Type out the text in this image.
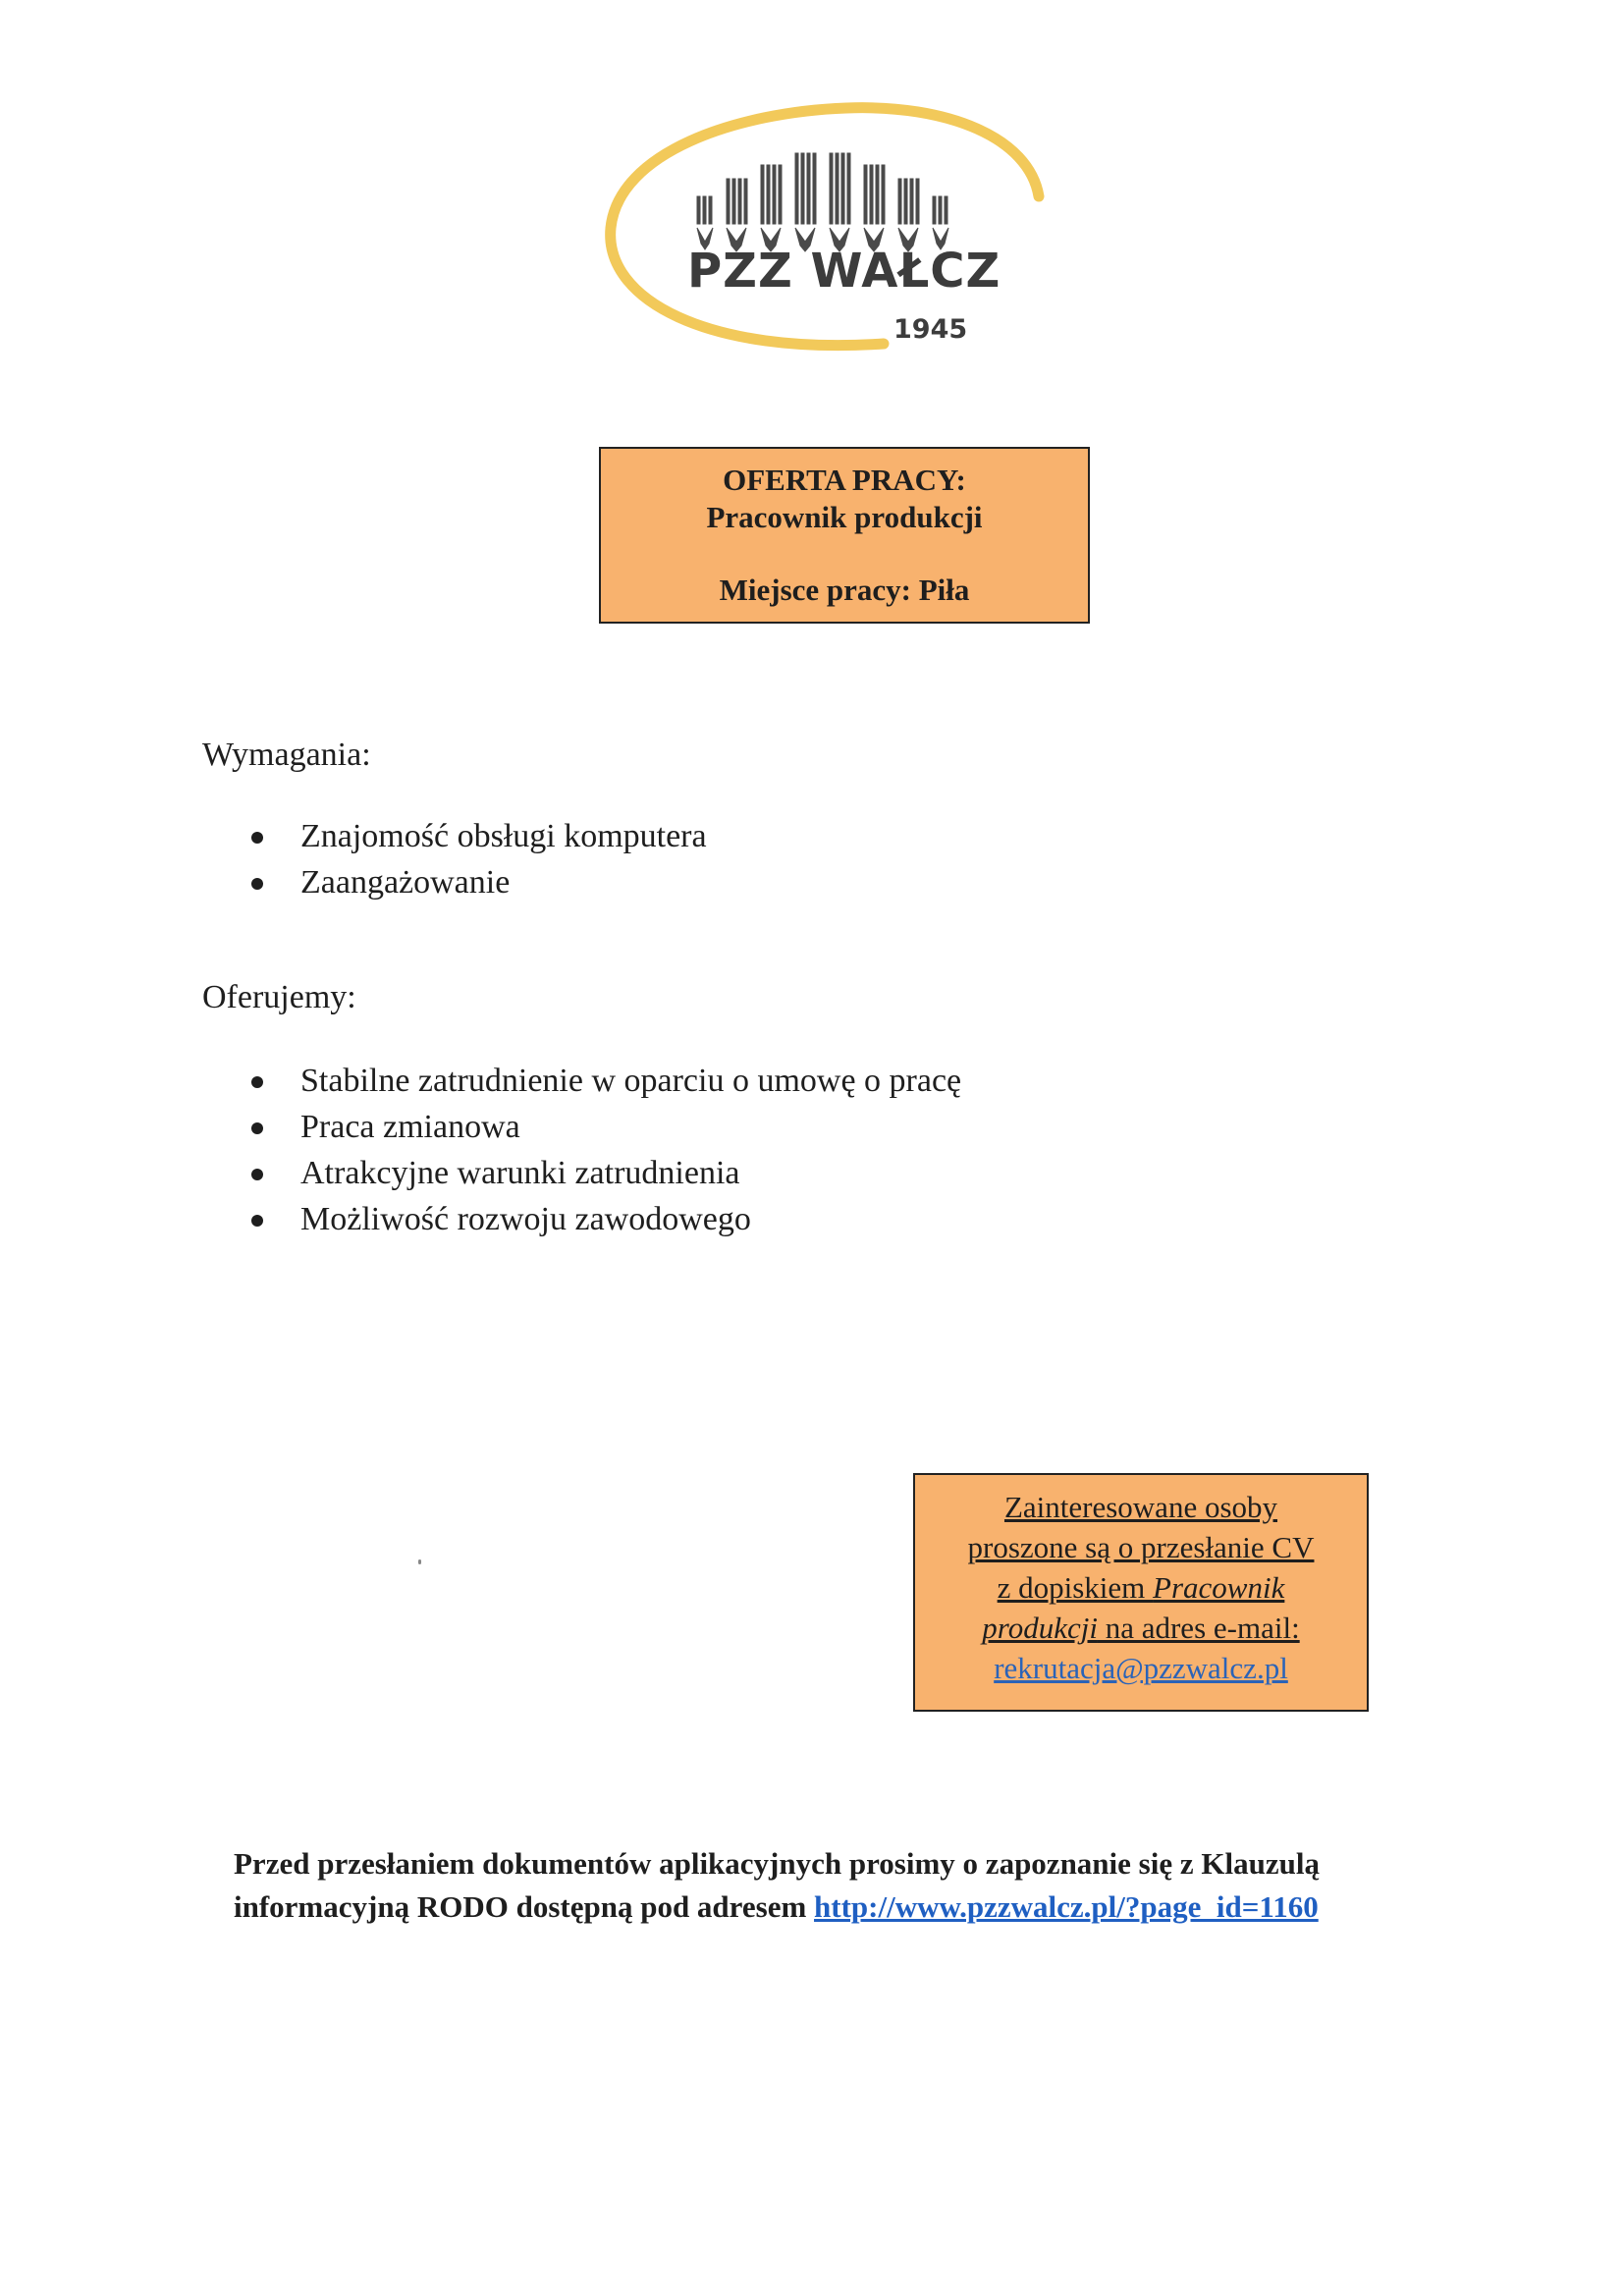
PZZ WAŁCZ
1945
OFERTA PRACY:
Pracownik produkcji
Miejsce pracy: Piła
Wymagania:
Znajomość obsługi komputera
Zaangażowanie
Oferujemy:
Stabilne zatrudnienie w oparciu o umowę o pracę
Praca zmianowa
Atrakcyjne warunki zatrudnienia
Możliwość rozwoju zawodowego
Zainteresowane osoby
proszone są o przesłanie CV
z dopiskiem Pracownik
produkcji na adres e-mail:
rekrutacja@pzzwalcz.pl
Przed przesłaniem dokumentów aplikacyjnych prosimy o zapoznanie się z Klauzulą
informacyjną RODO dostępną pod adresem http://www.pzzwalcz.pl/?page_id=1160
